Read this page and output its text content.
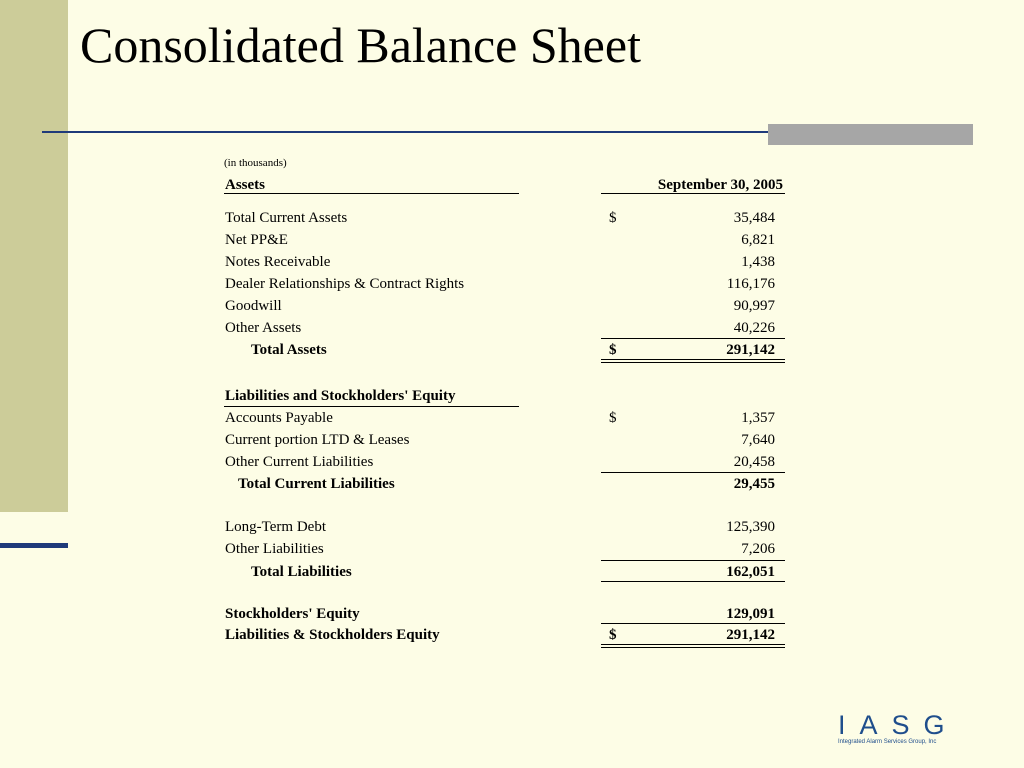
Consolidated Balance Sheet
(in thousands)
Assets	September 30, 2005
Total Current Assets	$	35,484
Net PP&E	6,821
Notes Receivable	1,438
Dealer Relationships & Contract Rights	116,176
Goodwill	90,997
Other Assets	40,226
Total Assets	$	291,142
Liabilities and Stockholders' Equity
Accounts Payable	$	1,357
Current portion LTD & Leases	7,640
Other Current Liabilities	20,458
Total Current Liabilities	29,455
Long-Term Debt	125,390
Other Liabilities	7,206
Total Liabilities	162,051
Stockholders' Equity	129,091
Liabilities & Stockholders Equity	$	291,142
IASG
Integrated Alarm Services Group, Inc
